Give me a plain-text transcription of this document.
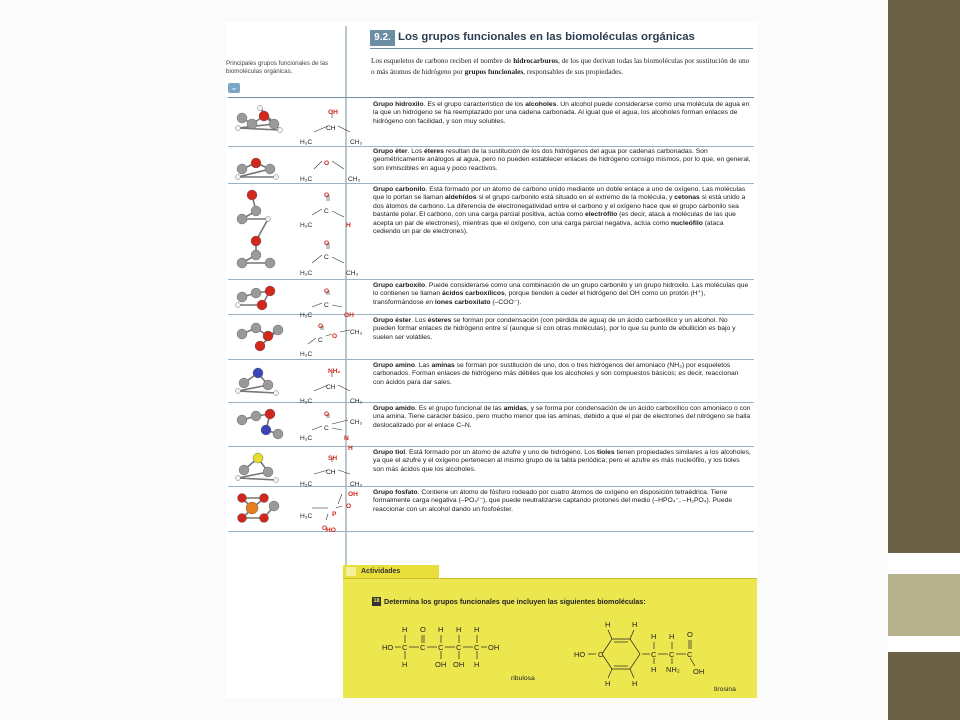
Principales grupos funcionales de las biomoléculas orgánicas.
⌄
9.2. Los grupos funcionales en las biomoléculas orgánicas
Los esqueletos de carbono reciben el nombre de hidrocarburos, de los que derivan todas las biomoléculas por sustitución de uno o más átomos de hidrógeno por grupos funcionales, responsables de sus propiedades.
OH
CH
H₃C	CH₃
Grupo hidroxilo. Es el grupo característico de los alcoholes. Un alcohol puede considerarse como una molécula de agua en la que un hidrógeno se ha reemplazado por una cadena carbonada. Al igual que el agua, los alcoholes forman enlaces de hidrógeno con facilidad, y son muy solubles.
O
H₃C	CH₃
Grupo éter. Los éteres resultan de la sustitución de los dos hidrógenos del agua por cadenas carbonadas. Son geométricamente análogos al agua, pero no pueden establecer enlaces de hidrógeno consigo mismos, por lo que, en general, son inmiscibles en agua y poco reactivos.
O
C
H₃C	H
O
C
H₃C	CH₃
Grupo carbonilo. Está formado por un átomo de carbono unido mediante un doble enlace a uno de oxígeno. Las moléculas que lo portan se llaman aldehídos si el grupo carbonilo está situado en el extremo de la molécula, y cetonas si está unido a dos átomos de carbono. La diferencia de electronegatividad entre el carbono y el oxígeno hace que el grupo carbonilo sea bastante polar. El carbono, con una carga parcial positiva, actúa como electrófilo (es decir, ataca a moléculas de las que acepta un par de electrones), mientras que el oxígeno, con una carga parcial negativa, actúa como nucleófilo (ataca cediendo un par de electrones).
O
C
H₃C	OH
Grupo carboxilo. Puede considerarse como una combinación de un grupo carbonilo y un grupo hidroxilo. Las moléculas que lo contienen se llaman ácidos carboxílicos, porque tienden a ceder el hidrógeno del OH como un protón (H⁺), transformándose en iones carboxilato (–COO⁻).
O
C
O
CH₃
H₃C
Grupo éster. Los ésteres se forman por condensación (con pérdida de agua) de un ácido carboxílico y un alcohol. No pueden formar enlaces de hidrógeno entre sí (aunque sí con otras moléculas), por lo que su punto de ebullición es bajo y suelen ser volátiles.
NH₂
CH
H₃C	CH₃
Grupo amino. Las aminas se forman por sustitución de uno, dos o tres hidrógenos del amoniaco (NH₃) por esqueletos carbonados. Forman enlaces de hidrógeno más débiles que los alcoholes y son compuestos básicos; es decir, reaccionan con ácidos para dar sales.
O
C
CH₃
H₃C	N
H
Grupo amido. Es el grupo funcional de las amidas, y se forma por condensación de un ácido carboxílico con amoniaco o con una amina. Tiene carácter básico, pero mucho menor que las aminas, debido a que el par de electrones del nitrógeno se halla deslocalizado por el enlace C–N.
SH
CH
H₃C	CH₃
Grupo tiol. Está formado por un átomo de azufre y uno de hidrógeno. Los tioles tienen propiedades similares a los alcoholes, ya que el azufre y el oxígeno pertenecen al mismo grupo de la tabla periódica; pero el azufre es más nucleófilo, y los tioles son más ácidos que los alcoholes.
OH
O
P
O
H₃C
HO
Grupo fosfato. Contiene un átomo de fósforo rodeado por cuatro átomos de oxígeno en disposición tetraédrica. Tiene formalmente carga negativa (–PO₄²⁻), que puede neutralizarse captando protones del medio (–HPO₄⁻, –H₂PO₄). Puede reaccionar con un alcohol dando un fosfoéster.
Actividades
18 Determina los grupos funcionales que incluyen las siguientes biomoléculas:
HO C C C C C OH
H O H H H
H	OH OH H
ribulosa
HO C	C C C
H	H
H	H
H H O
H NH₂ OH
tirosina
